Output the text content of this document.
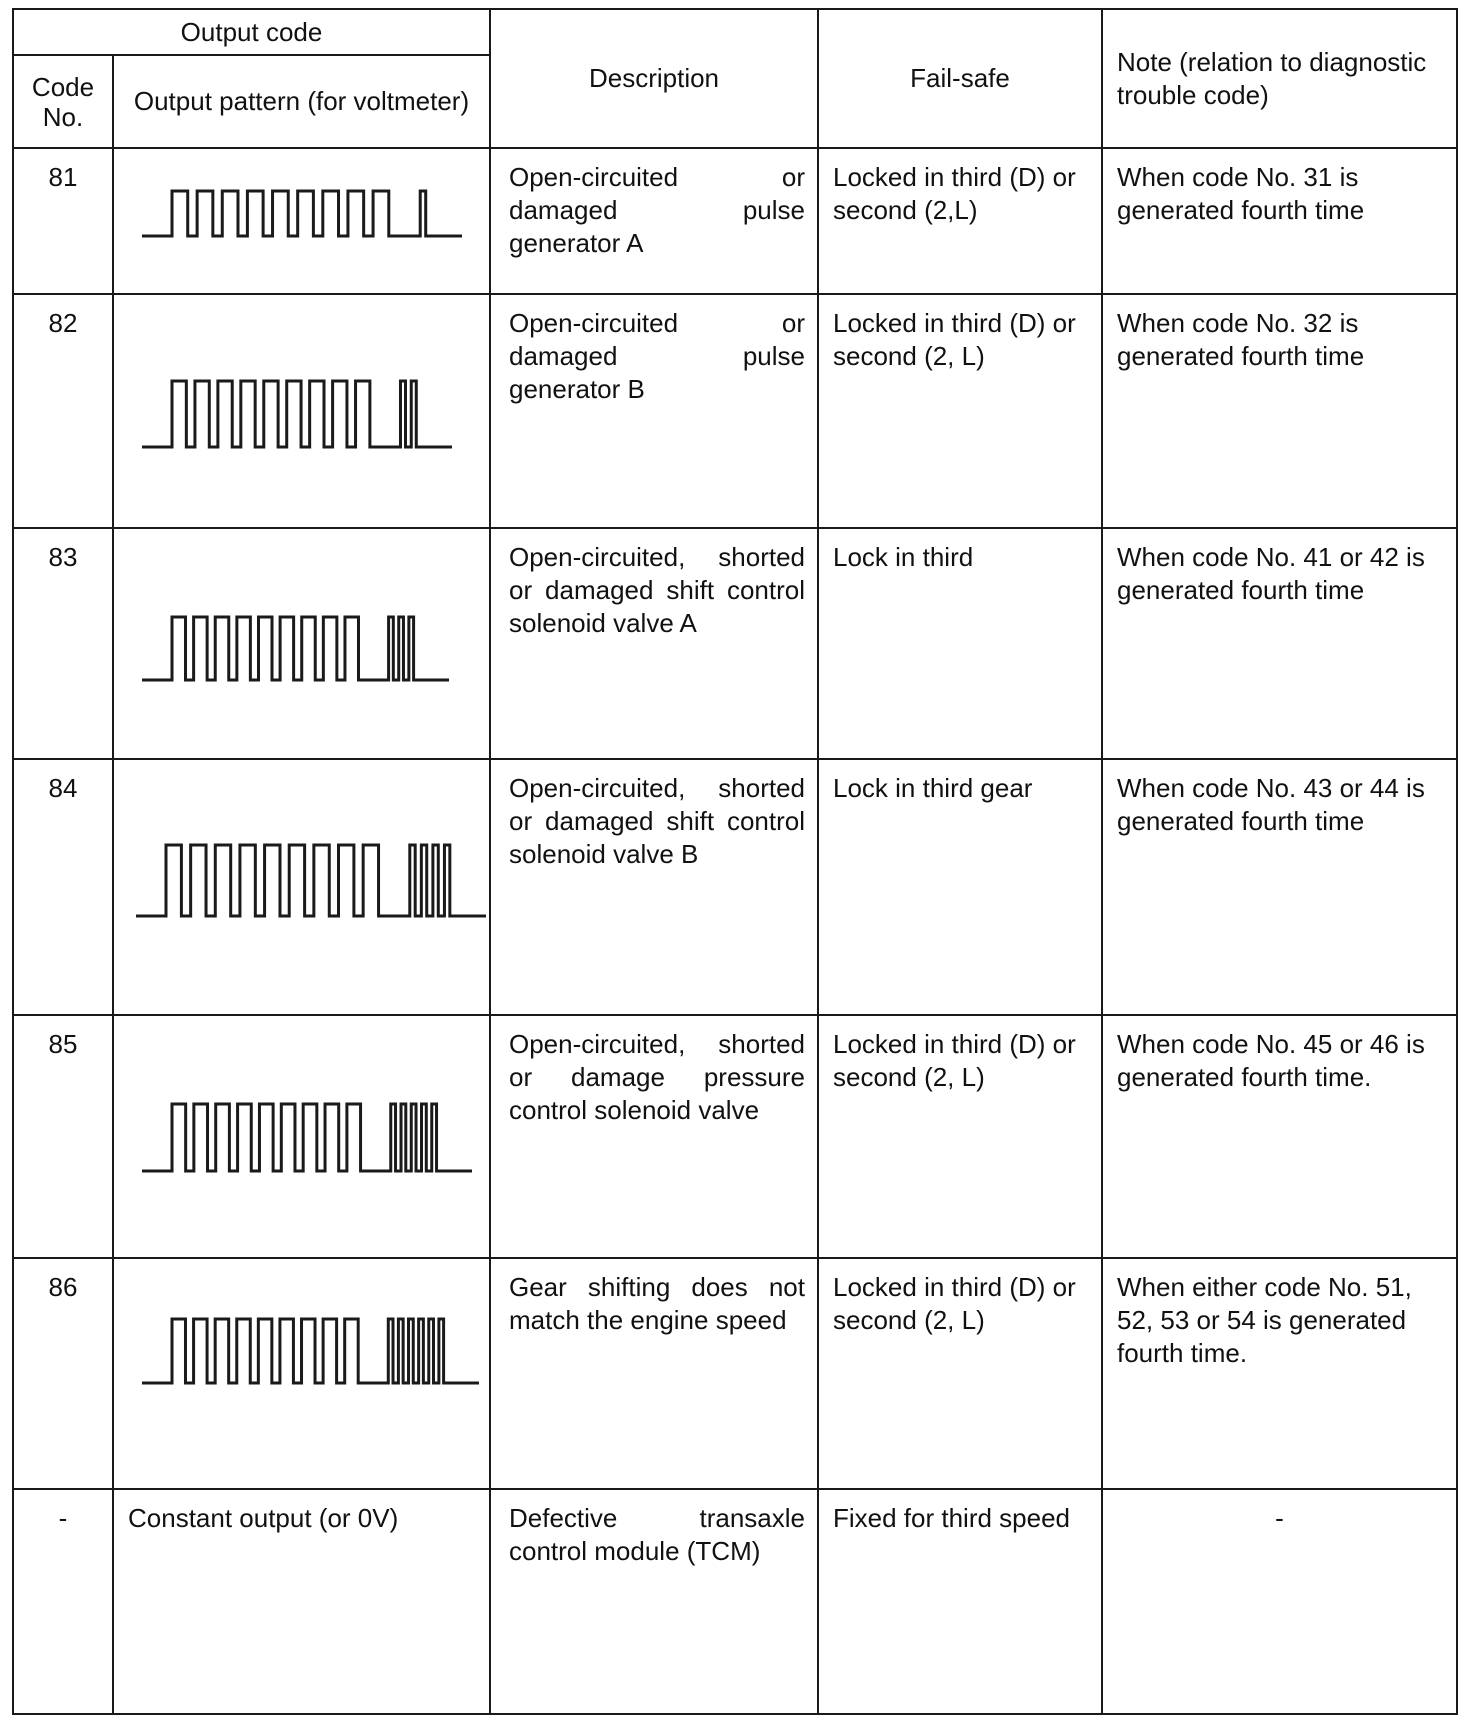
Output code		Description	Fail-safe	Note (relation to diagnostic trouble code)
Code No.	Output pattern (for voltmeter)			
81		Open-circuited or damaged pulse generator A	Locked in third (D) or second (2,L)	When code No. 31 is generated fourth time
82		Open-circuited or damaged pulse generator B	Locked in third (D) or second (2, L)	When code No. 32 is generated fourth time
83		Open-circuited, shorted or damaged shift control solenoid valve A	Lock in third	When code No. 41 or 42 is generated fourth time
84		Open-circuited, shorted or damaged shift control solenoid valve B	Lock in third gear	When code No. 43 or 44 is generated fourth time
85		Open-circuited, shorted or damage pressure control solenoid valve	Locked in third (D) or second (2, L)	When code No. 45 or 46 is generated fourth time.
86		Gear shifting does not match the engine speed	Locked in third (D) or second (2, L)	When either code No. 51, 52, 53 or 54 is generated fourth time.
-	Constant output (or 0V)	Defective transaxle control module (TCM)	Fixed for third speed	-
